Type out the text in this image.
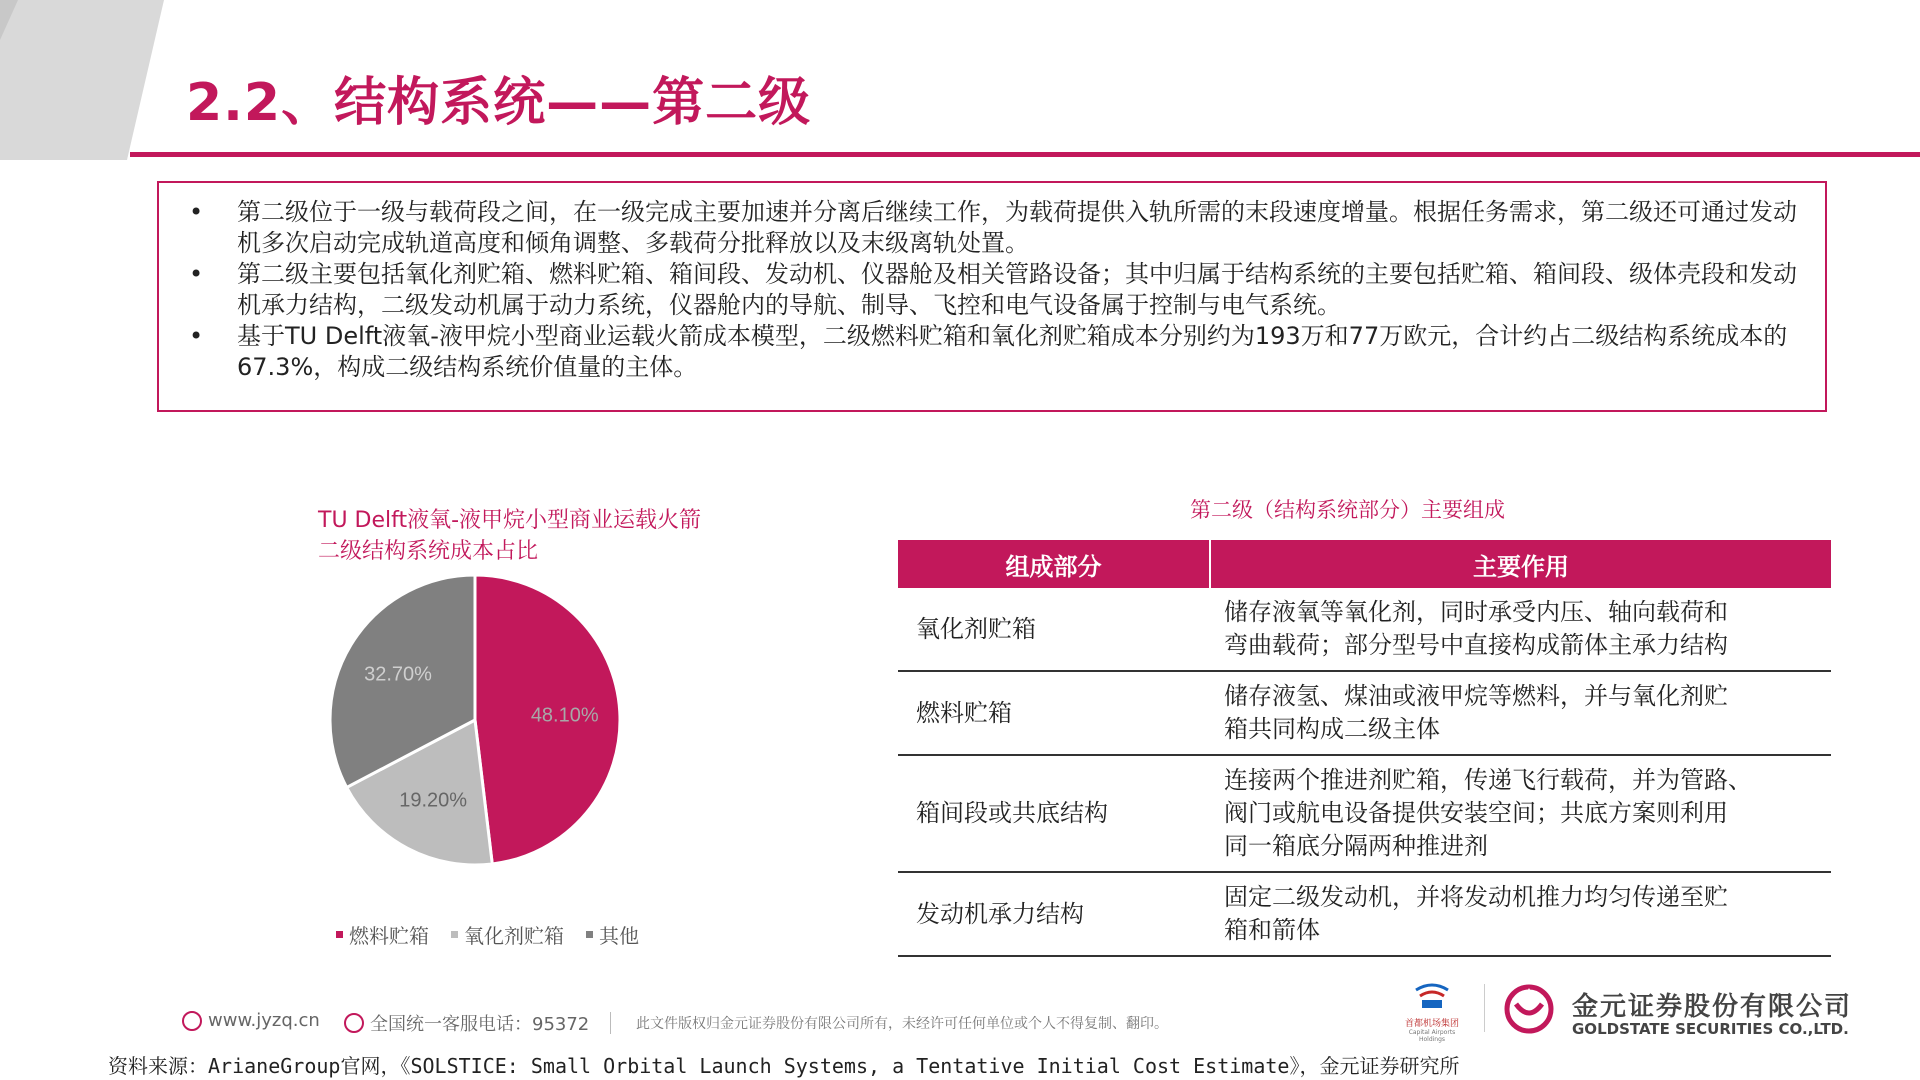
2.2、结构系统——第二级
• 第二级位于一级与载荷段之间，在一级完成主要加速并分离后继续工作，为载荷提供入轨所需的末段速度增量。根据任务需求，第二级还可通过发动机多次启动完成轨道高度和倾角调整、多载荷分批释放以及末级离轨处置。
• 第二级主要包括氧化剂贮箱、燃料贮箱、箱间段、发动机、仪器舱及相关管路设备；其中归属于结构系统的主要包括贮箱、箱间段、级体壳段和发动机承力结构，二级发动机属于动力系统，仪器舱内的导航、制导、飞控和电气设备属于控制与电气系统。
• 基于TU Delft液氧-液甲烷小型商业运载火箭成本模型，二级燃料贮箱和氧化剂贮箱成本分别约为193万和77万欧元，合计约占二级结构系统成本的67.3%，构成二级结构系统价值量的主体。
TU Delft液氧-液甲烷小型商业运载火箭
二级结构系统成本占比
48.10%
19.20%
32.70%
燃料贮箱 氧化剂贮箱 其他
第二级（结构系统部分）主要组成
组成部分	主要作用
氧化剂贮箱	储存液氧等氧化剂，同时承受内压、轴向载荷和
弯曲载荷；部分型号中直接构成箭体主承力结构

燃料贮箱	储存液氢、煤油或液甲烷等燃料，并与氧化剂贮
箱共同构成二级主体

箱间段或共底结构	连接两个推进剂贮箱，传递飞行载荷，并为管路、
阀门或航电设备提供安装空间；共底方案则利用
同一箱底分隔两种推进剂

发动机承力结构	固定二级发动机，并将发动机推力均匀传递至贮
箱和箭体
www.jyzq.cn	全国统一客服电话：95372	此文件版权归金元证券股份有限公司所有，未经许可任何单位或个人不得复制、翻印。	首都机场集团
Capital Airports Holdings
金元证券股份有限公司
GOLDSTATE SECURITIES CO.,LTD.
资料来源：ArianeGroup官网，《SOLSTICE: Small Orbital Launch Systems, a Tentative Initial Cost Estimate》，金元证券研究所
